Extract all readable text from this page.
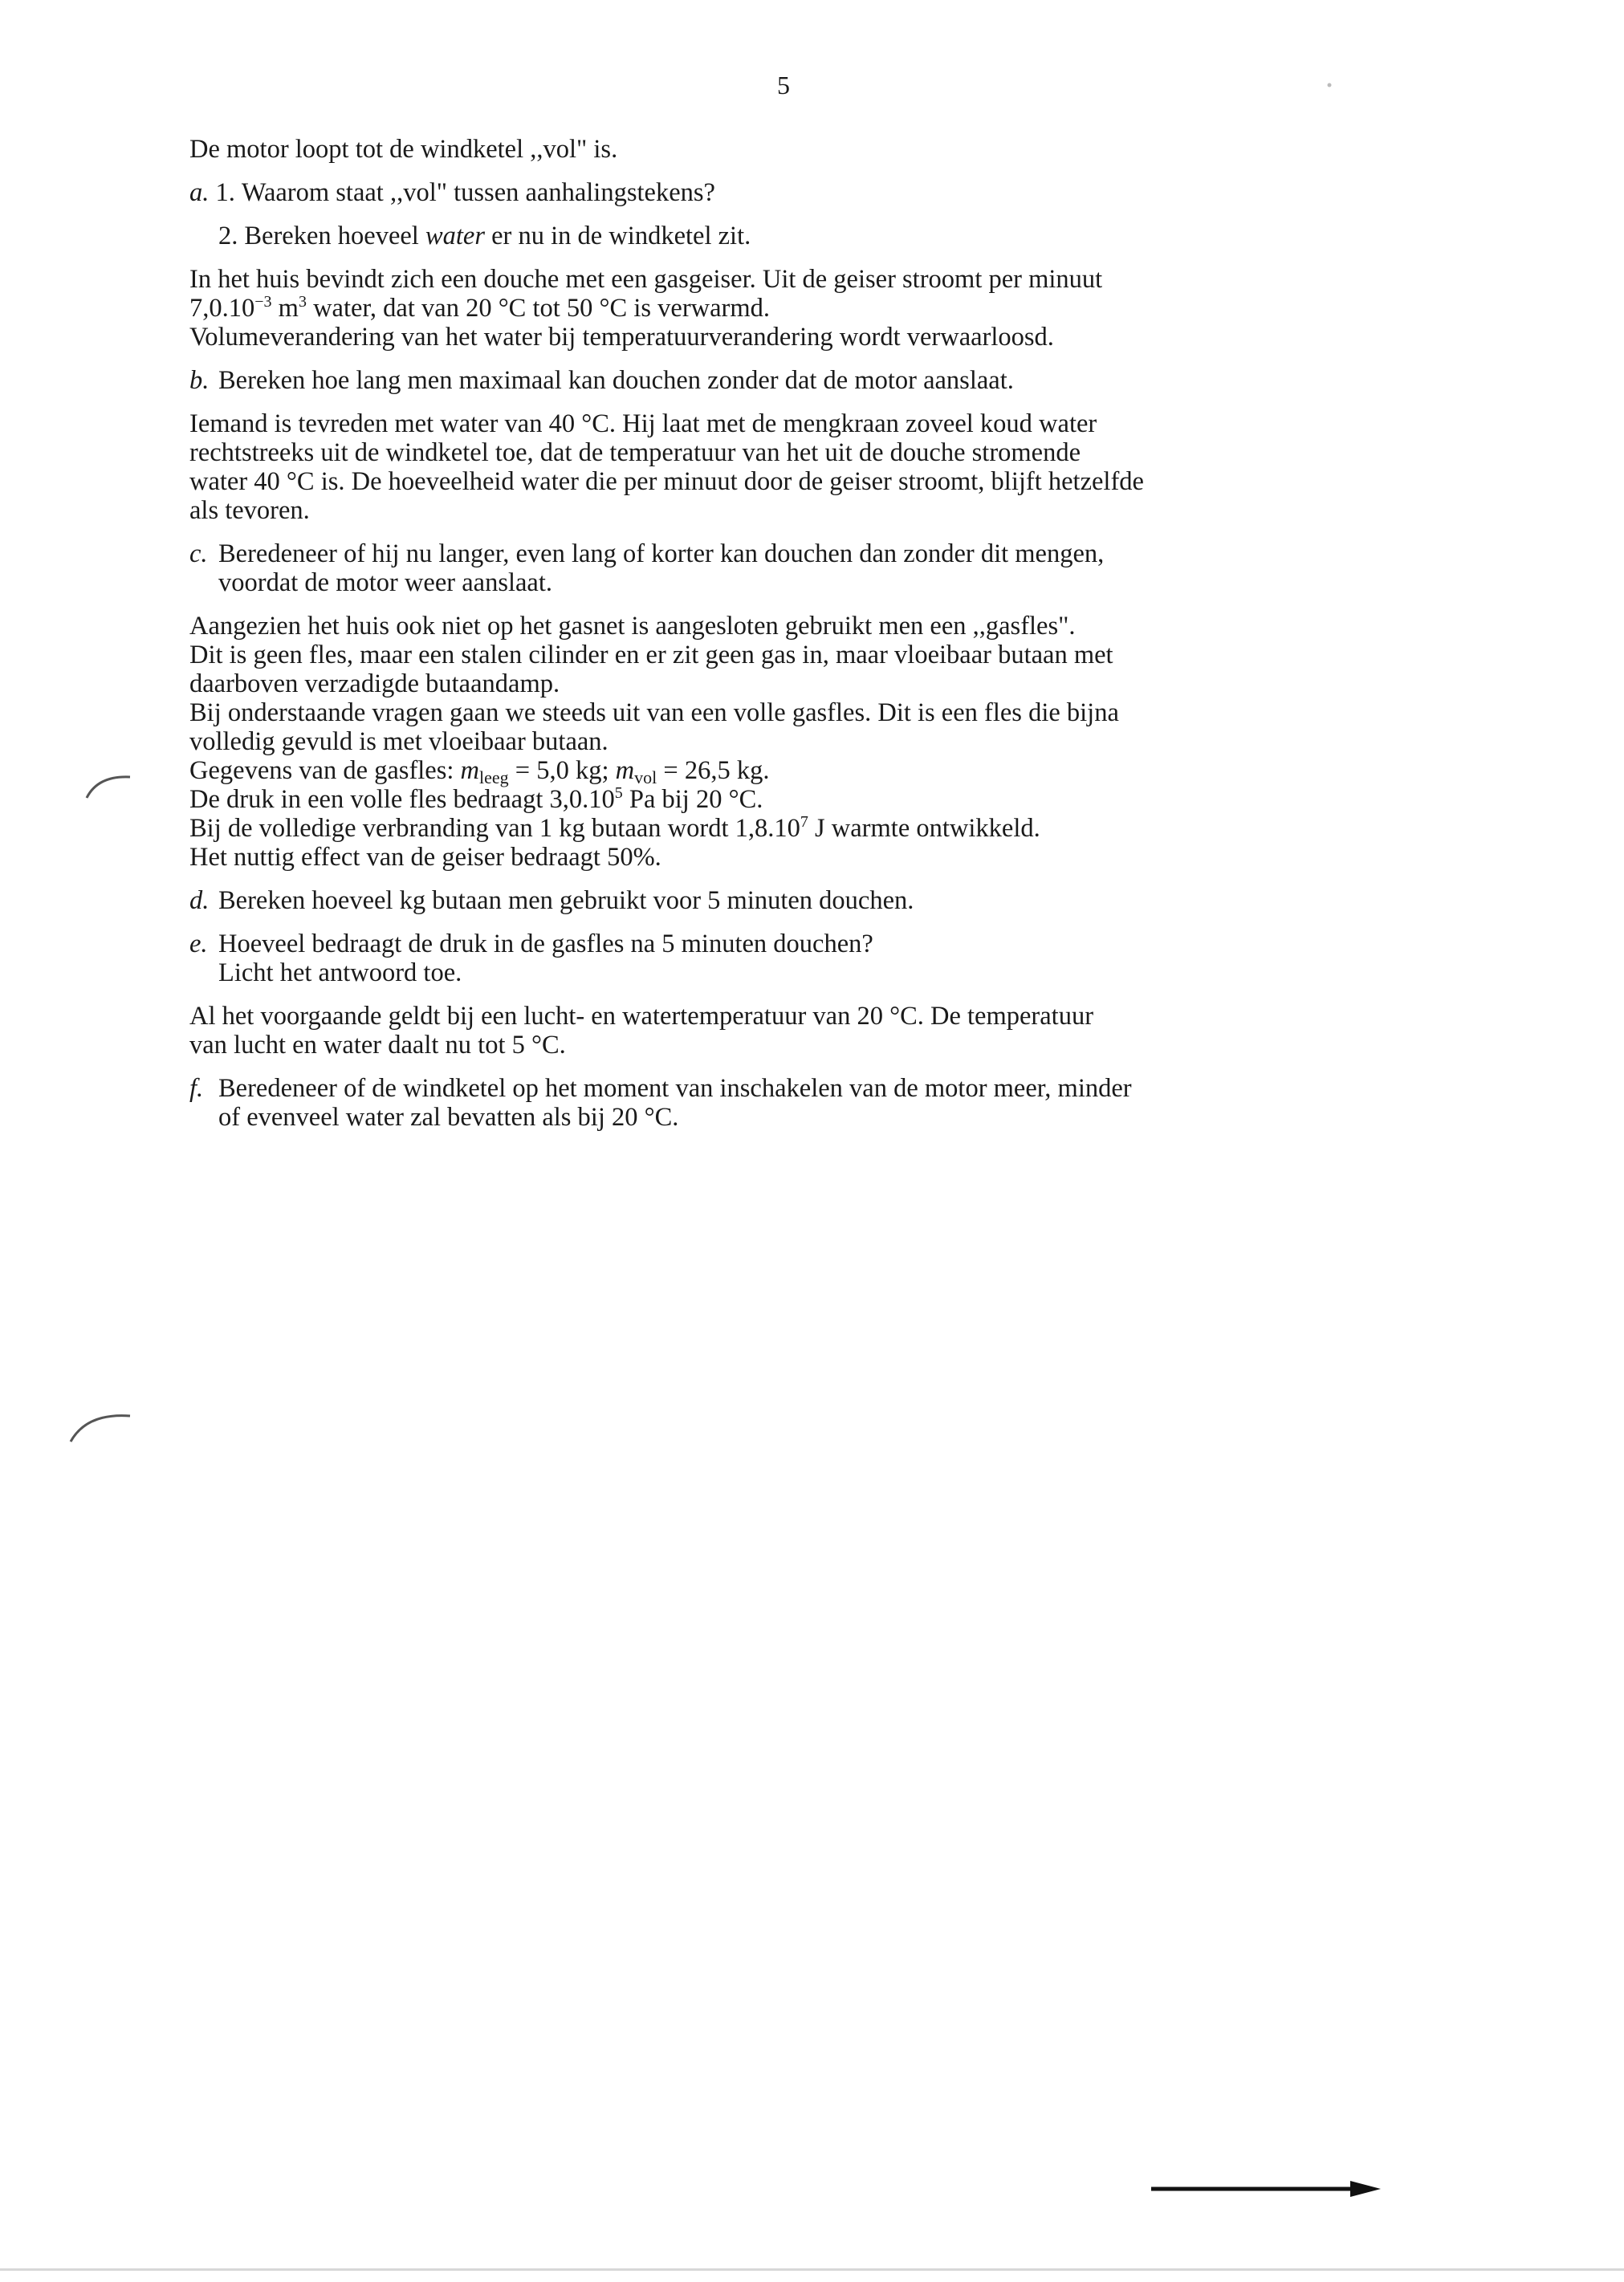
5

De motor loopt tot de windketel ,,vol" is.

a. 1. Waarom staat ,,vol" tussen aanhalingstekens?
2. Bereken hoeveel water er nu in de windketel zit.

In het huis bevindt zich een douche met een gasgeiser. Uit de geiser stroomt per minuut
$7,0.10^{-3}$ $m^3$ water, dat van 20 °C tot 50 °C is verwarmd.
Volumeverandering van het water bij temperatuurverandering wordt verwaarloosd.

b. Bereken hoe lang men maximaal kan douchen zonder dat de motor aanslaat.

Iemand is tevreden met water van 40 °C. Hij laat met de mengkraan zoveel koud water
rechtstreeks uit de windketel toe, dat de temperatuur van het uit de douche stromende
water 40 °C is. De hoeveelheid water die per minuut door de geiser stroomt, blijft hetzelfde
als tevoren.

c. Beredeneer of hij nu langer, even lang of korter kan douchen dan zonder dit mengen,
voordat de motor weer aanslaat.

Aangezien het huis ook niet op het gasnet is aangesloten gebruikt men een ,,gasfles".
Dit is geen fles, maar een stalen cilinder en er zit geen gas in, maar vloeibaar butaan met
daarboven verzadigde butaandamp.
Bij onderstaande vragen gaan we steeds uit van een volle gasfles. Dit is een fles die bijna
volledig gevuld is met vloeibaar butaan.
Gegevens van de gasfles: $m_{leeg} = 5,0$ kg; $m_{vol} = 26,5$ kg.
De druk in een volle fles bedraagt 3,0.10$^5$ Pa bij 20 °C.
Bij de volledige verbranding van 1 kg butaan wordt 1,8.10$^7$ J warmte ontwikkeld.
Het nuttig effect van de geiser bedraagt 50%.

d. Bereken hoeveel kg butaan men gebruikt voor 5 minuten douchen.
e. Hoeveel bedraagt de druk in de gasfles na 5 minuten douchen?
Licht het antwoord toe.

Al het voorgaande geldt bij een lucht- en watertemperatuur van 20 °C. De temperatuur
van lucht en water daalt nu tot 5 °C.

f. Beredeneer of de windketel op het moment van inschakelen van de motor meer, minder
of evenveel water zal bevatten als bij 20 °C.
